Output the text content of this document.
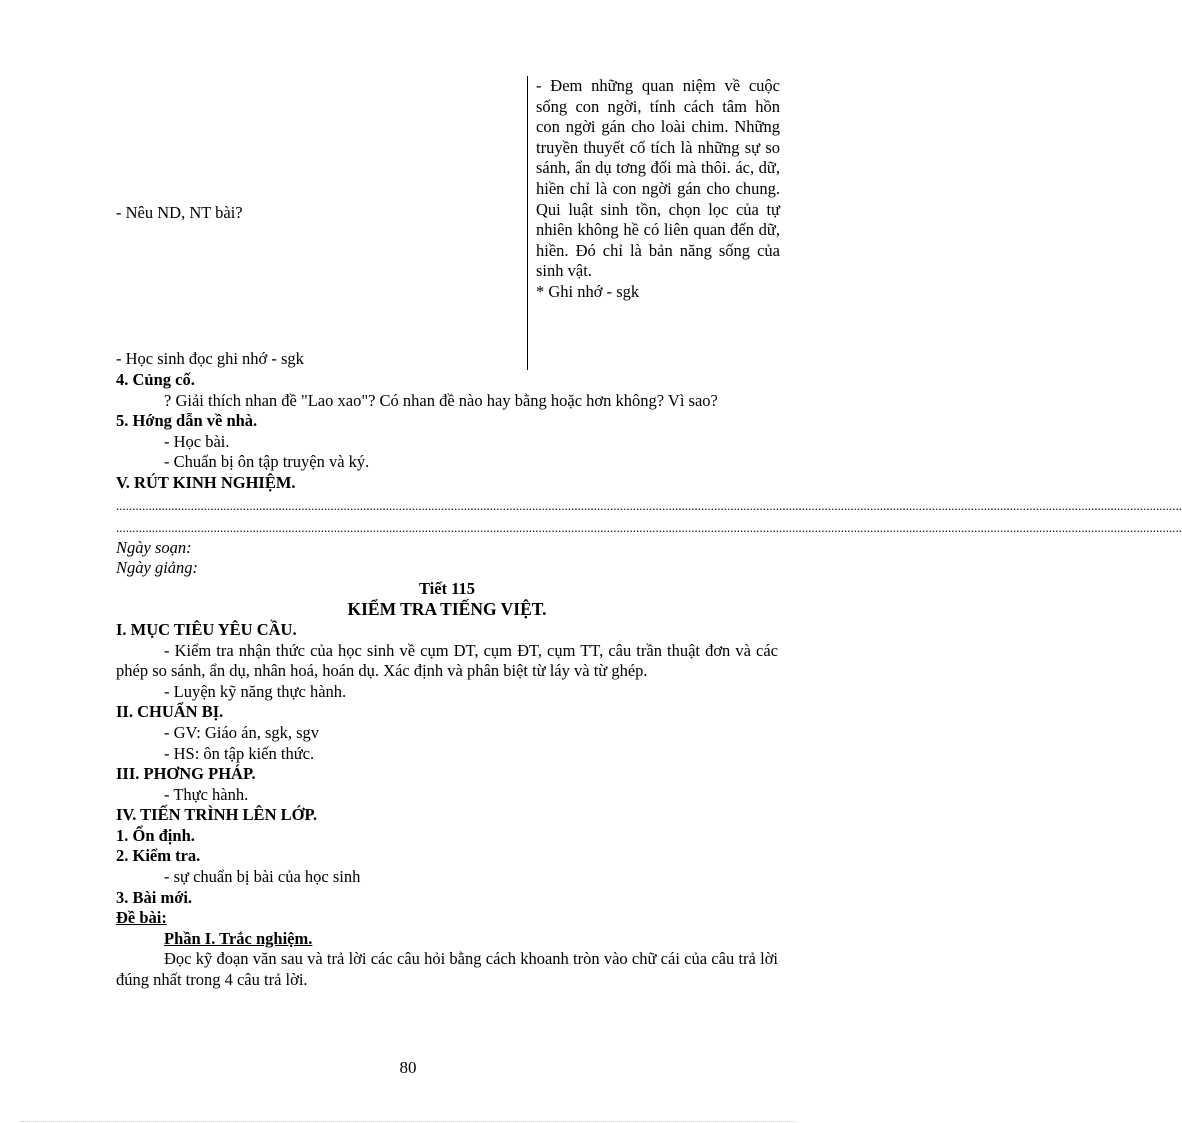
- Nêu ND, NT bài?
- Học sinh đọc ghi nhớ - sgk

- Đem những quan niệm về cuộc sống con ngời, tính cách tâm hồn con ngời gán cho loài chim. Những truyền thuyết cổ tích là những sự so sánh, ẩn dụ tơng đối mà thôi. ác, dữ, hiền chỉ là con ngời gán cho chung. Qui luật sinh tồn, chọn lọc của tự nhiên không hề có liên quan đến dữ, hiền. Đó chỉ là bản năng sống của sinh vật.

* Ghi nhớ - sgk

4. Củng cố.

? Giải thích nhan đề "Lao xao"? Có nhan đề nào hay bằng hoặc hơn không? Vì sao?

5. Hớng dẫn về nhà.

- Học bài.

- Chuẩn bị ôn tập truyện và ký.

V. RÚT KINH NGHIỆM.

........................................................................................................................................................................................................................................................................................................................................
........................................................................................................................................................................................................................................................................................................................................

Ngày soạn:

Ngày giảng:

Tiết 115

KIỂM TRA TIẾNG VIỆT.

I. MỤC TIÊU YÊU CẦU.

- Kiểm tra nhận thức của học sinh về cụm DT, cụm ĐT, cụm TT, câu trần thuật đơn và các phép so sánh, ẩn dụ, nhân hoá, hoán dụ. Xác định và phân biệt từ láy và từ ghép.

- Luyện kỹ năng thực hành.

II. CHUẨN BỊ.

- GV: Giáo án, sgk, sgv

- HS: ôn tập kiến thức.

III. PHƠNG PHÁP.

- Thực hành.

IV. TIẾN TRÌNH LÊN LỚP.

1. Ổn định.

2. Kiểm tra.

- sự chuẩn bị bài của học sinh

3. Bài mới.

Đề bài:

Phần I. Trắc nghiệm.

Đọc kỹ đoạn văn sau và trả lời các câu hỏi bằng cách khoanh tròn vào chữ cái của câu trả lời đúng nhất trong 4 câu trả lời.

80
